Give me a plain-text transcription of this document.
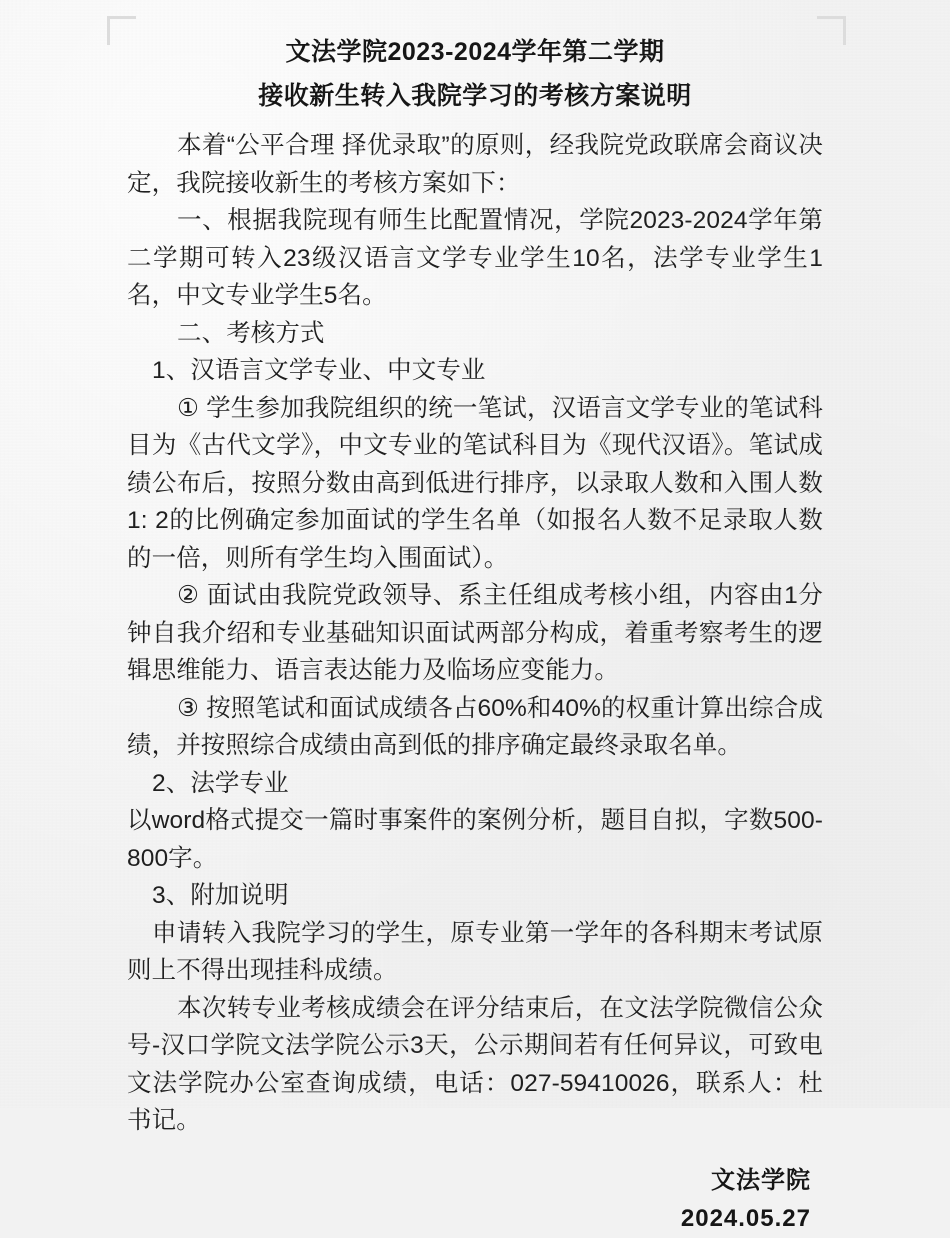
文法学院2023-2024学年第二学期
接收新生转入我院学习的考核方案说明

本着“公平合理 择优录取”的原则，经我院党政联席会商议决定，我院接收新生的考核方案如下：

一、根据我院现有师生比配置情况，学院2023-2024学年第二学期可转入23级汉语言文学专业学生10名，法学专业学生1名，中文专业学生5名。

二、考核方式

1、汉语言文学专业、中文专业

① 学生参加我院组织的统一笔试，汉语言文学专业的笔试科目为《古代文学》，中文专业的笔试科目为《现代汉语》。笔试成绩公布后，按照分数由高到低进行排序，以录取人数和入围人数1: 2的比例确定参加面试的学生名单（如报名人数不足录取人数的一倍，则所有学生均入围面试）。

② 面试由我院党政领导、系主任组成考核小组，内容由1分钟自我介绍和专业基础知识面试两部分构成，着重考察考生的逻辑思维能力、语言表达能力及临场应变能力。

③ 按照笔试和面试成绩各占60%和40%的权重计算出综合成绩，并按照综合成绩由高到低的排序确定最终录取名单。

2、法学专业

以word格式提交一篇时事案件的案例分析，题目自拟，字数500-800字。

3、附加说明

申请转入我院学习的学生，原专业第一学年的各科期末考试原则上不得出现挂科成绩。

本次转专业考核成绩会在评分结束后，在文法学院微信公众号-汉口学院文法学院公示3天，公示期间若有任何异议，可致电文法学院办公室查询成绩，电话：027-59410026，联系人：杜书记。

文法学院
2024.05.27
